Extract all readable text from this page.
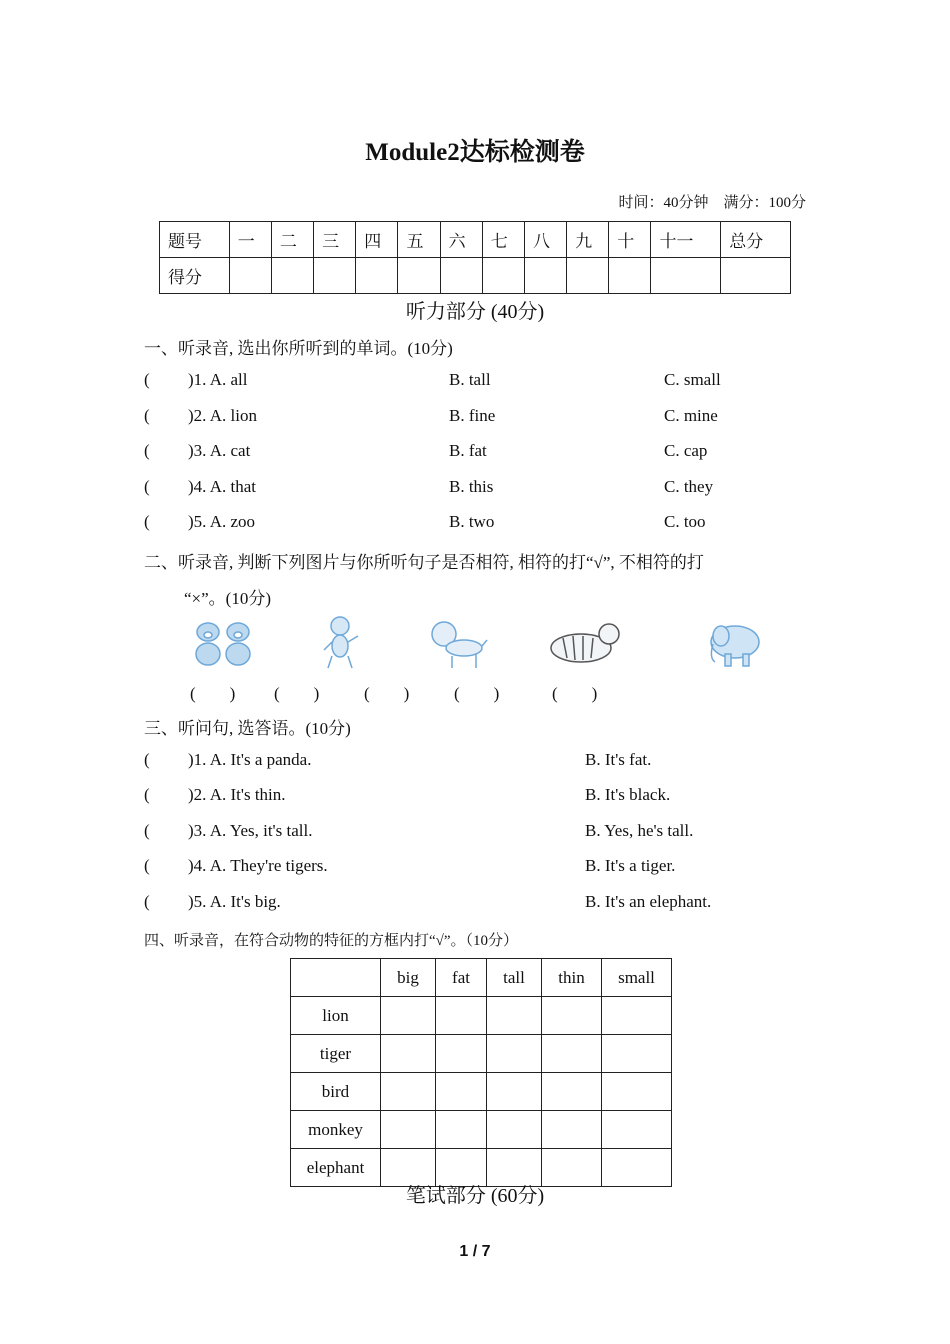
Module2达标检测卷
时间：40分钟　满分：100分
题号	一	二	三	四	五	六	七	八	九	十	十一	总分
得分												
听力部分 (40分)
一、听录音, 选出你所听到的单词。(10分)
( )1. A. all	B. tall	C. small
( )2. A. lion	B. fine	C. mine
( )3. A. cat	B. fat	C. cap
( )4. A. that	B. this	C. they
( )5. A. zoo	B. two	C. too
二、听录音, 判断下列图片与你所听句子是否相符, 相符的打“√”, 不相符的打
“×”。(10分)
(　　) (　　)	(　　)	(　　)	(　　)
三、听问句, 选答语。(10分)
( )1. A. It's a panda.	B. It's fat.
( )2. A. It's thin.	B. It's black.
( )3. A. Yes, it's tall.	B. Yes, he's tall.
( )4. A. They're tigers.	B. It's a tiger.
( )5. A. It's big.	B. It's an elephant.
四、听录音，在符合动物的特征的方框内打“√”。（10分）
	big	fat	tall	thin	small
lion					
tiger					
bird					
monkey					
elephant					
笔试部分 (60分)
1 / 7
